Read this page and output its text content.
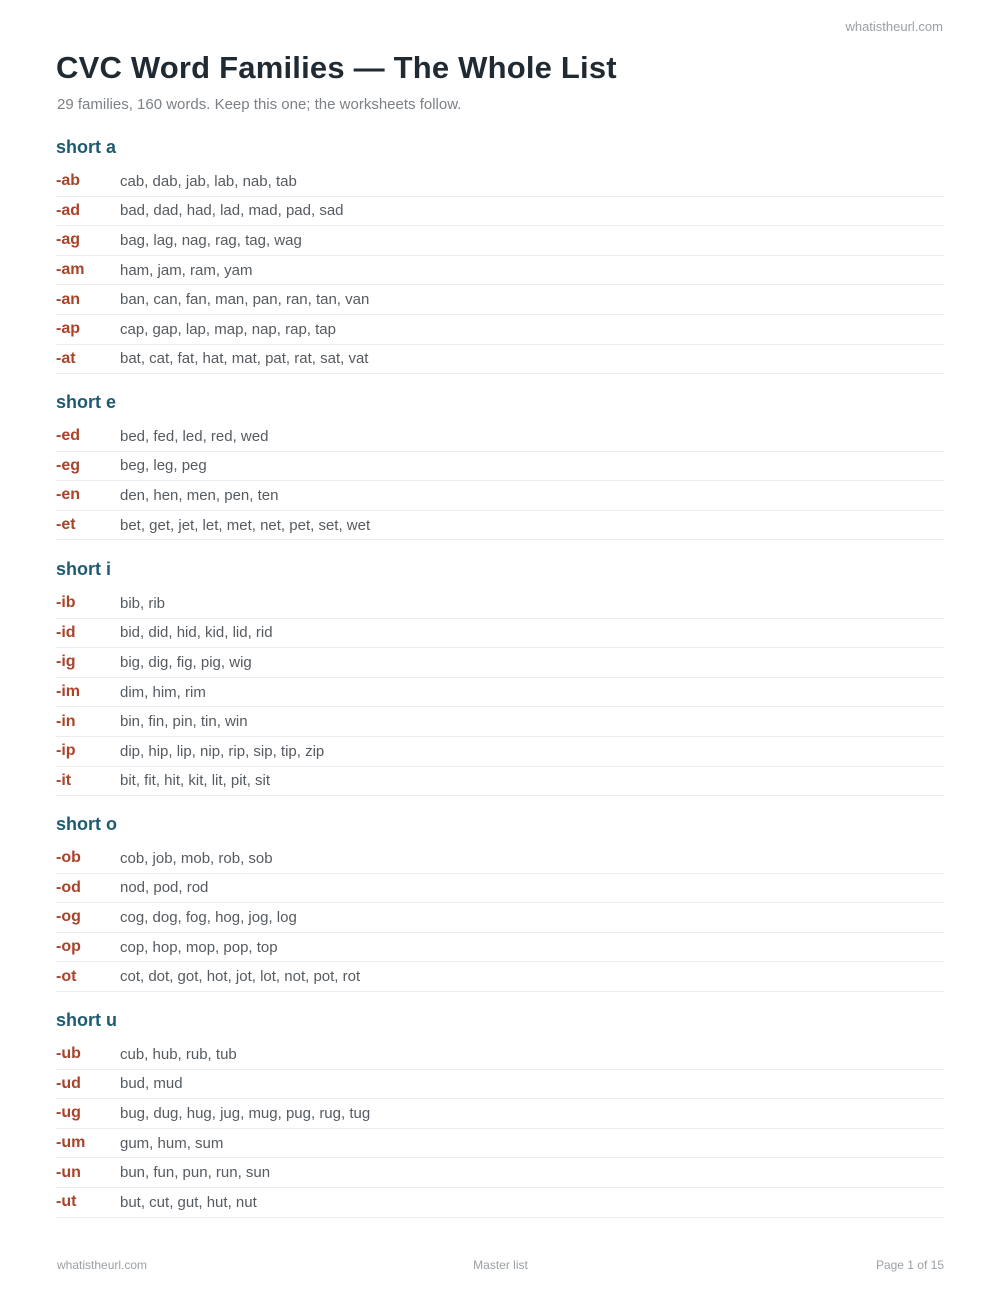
whatistheurl.com
CVC Word Families — The Whole List
29 families, 160 words. Keep this one; the worksheets follow.
short a
-ab	cab, dab, jab, lab, nab, tab
-ad	bad, dad, had, lad, mad, pad, sad
-ag	bag, lag, nag, rag, tag, wag
-am	ham, jam, ram, yam
-an	ban, can, fan, man, pan, ran, tan, van
-ap	cap, gap, lap, map, nap, rap, tap
-at	bat, cat, fat, hat, mat, pat, rat, sat, vat
short e
-ed	bed, fed, led, red, wed
-eg	beg, leg, peg
-en	den, hen, men, pen, ten
-et	bet, get, jet, let, met, net, pet, set, wet
short i
-ib	bib, rib
-id	bid, did, hid, kid, lid, rid
-ig	big, dig, fig, pig, wig
-im	dim, him, rim
-in	bin, fin, pin, tin, win
-ip	dip, hip, lip, nip, rip, sip, tip, zip
-it	bit, fit, hit, kit, lit, pit, sit
short o
-ob	cob, job, mob, rob, sob
-od	nod, pod, rod
-og	cog, dog, fog, hog, jog, log
-op	cop, hop, mop, pop, top
-ot	cot, dot, got, hot, jot, lot, not, pot, rot
short u
-ub	cub, hub, rub, tub
-ud	bud, mud
-ug	bug, dug, hug, jug, mug, pug, rug, tug
-um	gum, hum, sum
-un	bun, fun, pun, run, sun
-ut	but, cut, gut, hut, nut
whatistheurl.com	Master list	Page 1 of 15
